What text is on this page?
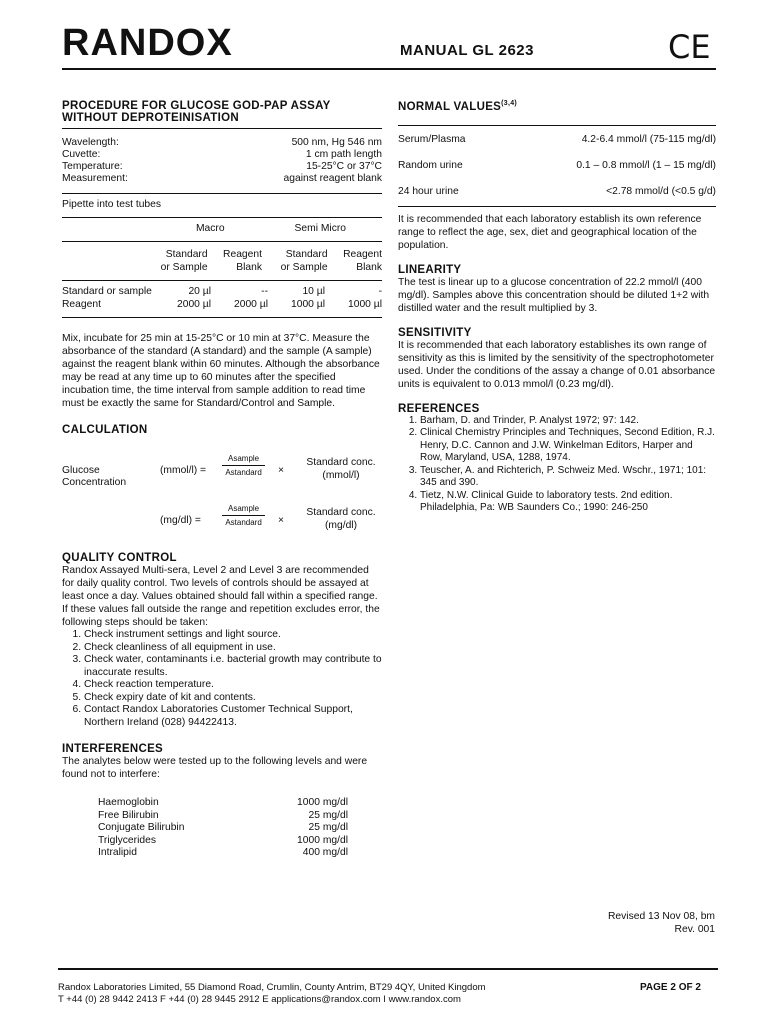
RANDOX	MANUAL GL 2623	CE
PROCEDURE FOR GLUCOSE GOD-PAP ASSAY
WITHOUT DEPROTEINISATION
Wavelength:	500 nm, Hg 546 nm
Cuvette:	1 cm path length
Temperature:	15-25°C or 37°C
Measurement:	against reagent blank
Pipette into test tubes
	Macro	Semi Micro
	Standard	Reagent	Standard	Reagent
	or Sample	Blank	or Sample	Blank
Standard or sample	20 µl	--	10 µl	-
Reagent	2000 µl	2000 µl	1000 µl	1000 µl
Mix, incubate for 25 min at 15-25°C or 10 min at 37°C. Measure the absorbance of the standard (A standard) and the sample (A sample) against the reagent blank within 60 minutes. Although the absorbance may be read at any time up to 60 minutes after the specified incubation time, the time interval from sample addition to read time must be exactly the same for Standard/Control and Sample.
CALCULATION
Glucose
Concentration
(mmol/l) =
Asample
Astandard	×
Standard conc.
(mmol/l)
(mg/dl) =
Asample
Astandard	×
Standard conc.
(mg/dl)
QUALITY CONTROL
Randox Assayed Multi-sera, Level 2 and Level 3 are recommended for daily quality control. Two levels of controls should be assayed at least once a day. Values obtained should fall within a specified range. If these values fall outside the range and repetition excludes error, the following steps should be taken:
1. Check instrument settings and light source.
2. Check cleanliness of all equipment in use.
3. Check water, contaminants i.e. bacterial growth may contribute to inaccurate results.
4. Check reaction temperature.
5. Check expiry date of kit and contents.
6. Contact Randox Laboratories Customer Technical Support, Northern Ireland (028) 94422413.
INTERFERENCES
The analytes below were tested up to the following levels and were found not to interfere:
Haemoglobin	1000 mg/dl
Free Bilirubin	25 mg/dl
Conjugate Bilirubin	25 mg/dl
Triglycerides	1000 mg/dl
Intralipid	400 mg/dl
NORMAL VALUES$^{(3,4)}$
Serum/Plasma	4.2-6.4 mmol/l (75-115 mg/dl)
Random urine	0.1 – 0.8 mmol/l (1 – 15 mg/dl)
24 hour urine	<2.78 mmol/d (<0.5 g/d)
It is recommended that each laboratory establish its own reference range to reflect the age, sex, diet and geographical location of the population.
LINEARITY
The test is linear up to a glucose concentration of 22.2 mmol/l (400 mg/dl). Samples above this concentration should be diluted 1+2 with distilled water and the result multiplied by 3.
SENSITIVITY
It is recommended that each laboratory establishes its own range of sensitivity as this is limited by the sensitivity of the spectrophotometer used. Under the conditions of the assay a change of 0.01 absorbance units is equivalent to 0.013 mmol/l (0.23 mg/dl).
REFERENCES
1. Barham, D. and Trinder, P. Analyst 1972; 97: 142.
2. Clinical Chemistry Principles and Techniques, Second Edition, R.J. Henry, D.C. Cannon and J.W. Winkelman Editors, Harper and Row, Maryland, USA, 1288, 1974.
3. Teuscher, A. and Richterich, P. Schweiz Med. Wschr., 1971; 101: 345 and 390.
4. Tietz, N.W. Clinical Guide to laboratory tests. 2nd edition. Philadelphia, Pa: WB Saunders Co.; 1990: 246-250
Revised 13 Nov 08, bm
Rev. 001
Randox Laboratories Limited, 55 Diamond Road, Crumlin, County Antrim, BT29 4QY, United Kingdom
T +44 (0) 28 9442 2413 F +44 (0) 28 9445 2912 E applications@randox.com I www.randox.com
PAGE 2 OF 2
